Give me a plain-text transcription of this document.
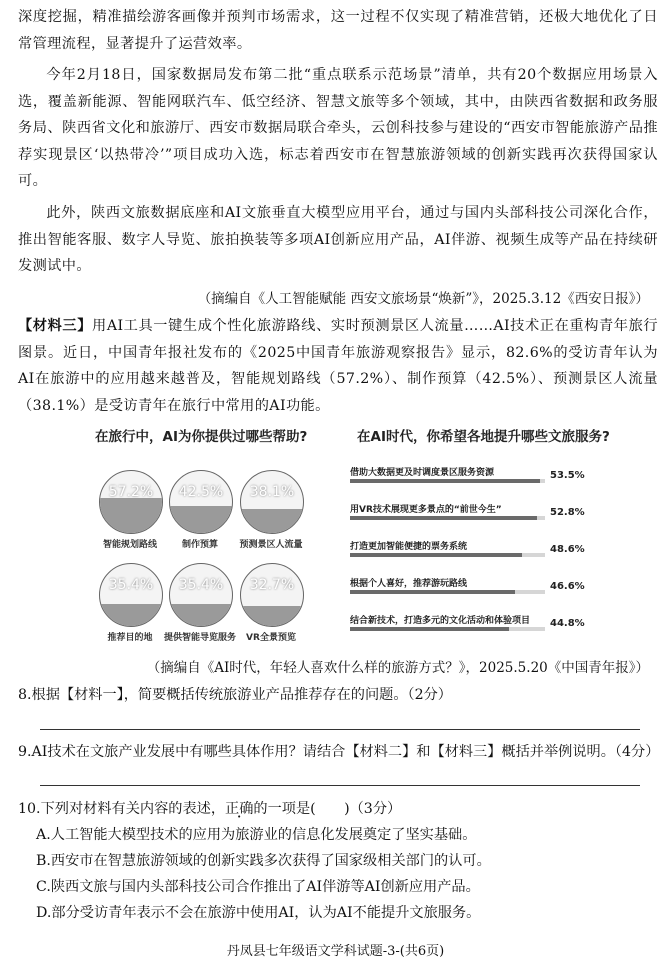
深度挖掘，精准描绘游客画像并预判市场需求，这一过程不仅实现了精准营销，还极大地优化了日常管理流程，显著提升了运营效率。

今年2月18日，国家数据局发布第二批“重点联系示范场景”清单，共有20个数据应用场景入选，覆盖新能源、智能网联汽车、低空经济、智慧文旅等多个领域，其中，由陕西省数据和政务服务局、陕西省文化和旅游厅、西安市数据局联合牵头，云创科技参与建设的“西安市智能旅游产品推荐实现景区‘以热带冷’”项目成功入选，标志着西安市在智慧旅游领域的创新实践再次获得国家认可。

此外，陕西文旅数据底座和AI文旅垂直大模型应用平台，通过与国内头部科技公司深化合作，推出智能客服、数字人导览、旅拍换装等多项AI创新应用产品，AI伴游、视频生成等产品在持续研发测试中。

（摘编自《人工智能赋能 西安文旅场景“焕新”》，2025.3.12《西安日报》）

【材料三】用AI工具一键生成个性化旅游路线、实时预测景区人流量……AI技术正在重构青年旅行图景。近日，中国青年报社发布的《2025中国青年旅游观察报告》显示，82.6%的受访青年认为AI在旅游中的应用越来越普及，智能规划路线（57.2%）、制作预算（42.5%）、预测景区人流量（38.1%）是受访青年在旅行中常用的AI功能。

在旅行中，AI为你提供过哪些帮助?	在AI时代，你希望各地提升哪些文旅服务?
57.2%
智能规划路线
42.5%
制作预算
38.1%
预测景区人流量
35.4%
推荐目的地
35.4%
提供智能导览服务
32.7%
VR全景预览
借助大数据更及时调度景区服务资源	53.5%
用VR技术展现更多景点的“前世今生”	52.8%
打造更加智能便捷的票务系统	48.6%
根据个人喜好，推荐游玩路线	46.6%
结合新技术，打造多元的文化活动和体验项目 44.8%

（摘编自《AI时代，年轻人喜欢什么样的旅游方式？》，2025.5.20《中国青年报》）

8.根据【材料一】，简要概括传统旅游业产品推荐存在的问题。（2分）

9.AI技术在文旅产业发展中有哪些具体作用？请结合【材料二】和【材料三】概括并举例说明。（4分）

10.下列对材料有关内容的表述，正确的一项是(　　)（3分）

A.人工智能大模型技术的应用为旅游业的信息化发展奠定了坚实基础。

B.西安市在智慧旅游领域的创新实践多次获得了国家级相关部门的认可。

C.陕西文旅与国内头部科技公司合作推出了AI伴游等AI创新应用产品。

D.部分受访青年表示不会在旅游中使用AI，认为AI不能提升文旅服务。

丹凤县七年级语文学科试题-3-(共6页)
